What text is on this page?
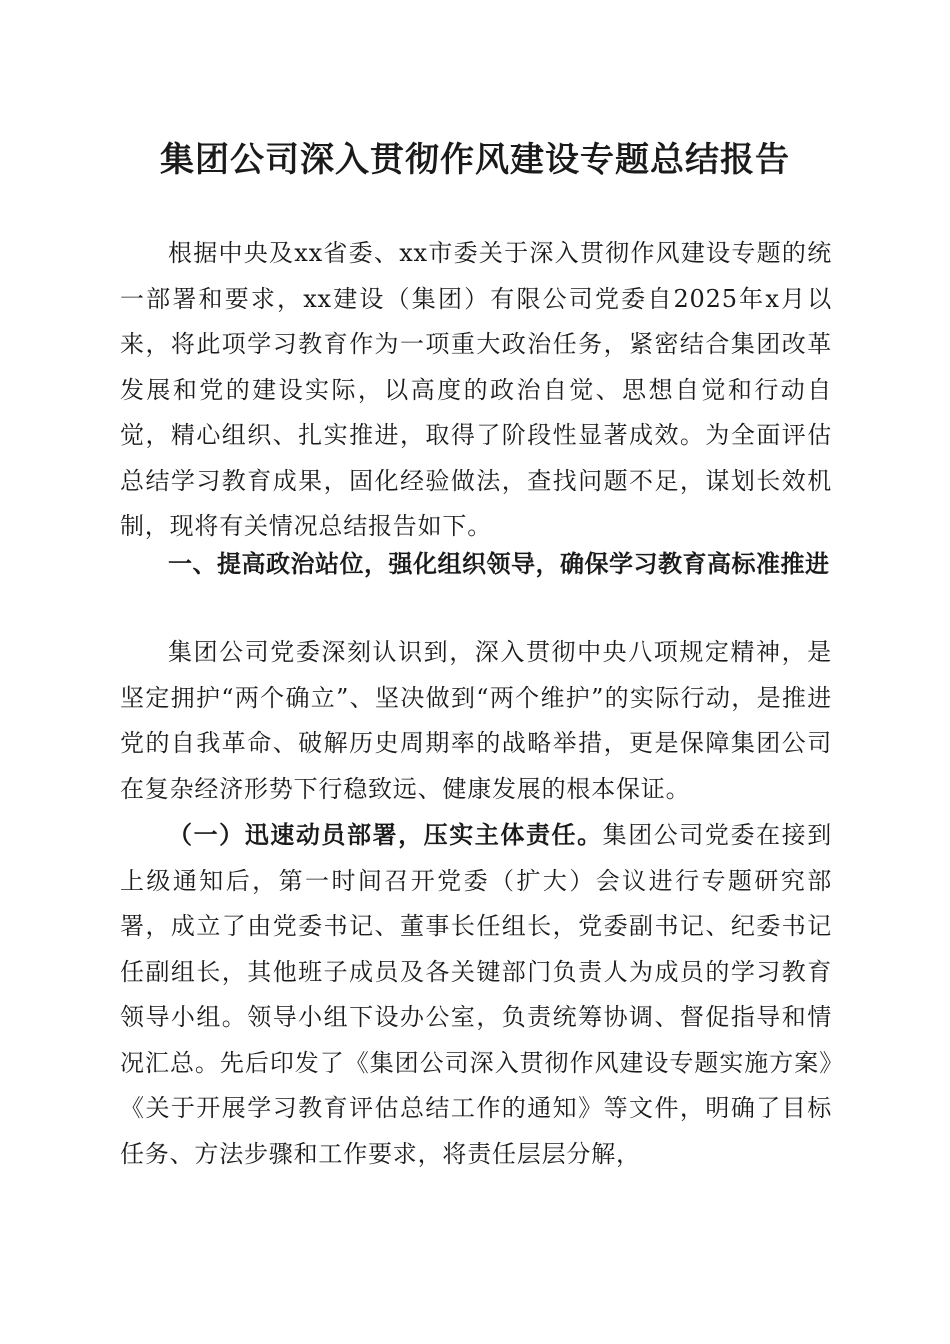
集团公司深入贯彻作风建设专题总结报告

根据中央及xx省委、xx市委关于深入贯彻作风建设专题的统一部署和要求，xx建设（集团）有限公司党委自2025年x月以来，将此项学习教育作为一项重大政治任务，紧密结合集团改革发展和党的建设实际，以高度的政治自觉、思想自觉和行动自觉，精心组织、扎实推进，取得了阶段性显著成效。为全面评估总结学习教育成果，固化经验做法，查找问题不足，谋划长效机制，现将有关情况总结报告如下。

一、提高政治站位，强化组织领导，确保学习教育高标准推进

集团公司党委深刻认识到，深入贯彻中央八项规定精神，是坚定拥护“两个确立”、坚决做到“两个维护”的实际行动，是推进党的自我革命、破解历史周期率的战略举措，更是保障集团公司在复杂经济形势下行稳致远、健康发展的根本保证。

（一）迅速动员部署，压实主体责任。集团公司党委在接到上级通知后，第一时间召开党委（扩大）会议进行专题研究部署，成立了由党委书记、董事长任组长，党委副书记、纪委书记任副组长，其他班子成员及各关键部门负责人为成员的学习教育领导小组。领导小组下设办公室，负责统筹协调、督促指导和情况汇总。先后印发了《集团公司深入贯彻作风建设专题实施方案》《关于开展学习教育评估总结工作的通知》等文件，明确了目标任务、方法步骤和工作要求，将责任层层分解，
